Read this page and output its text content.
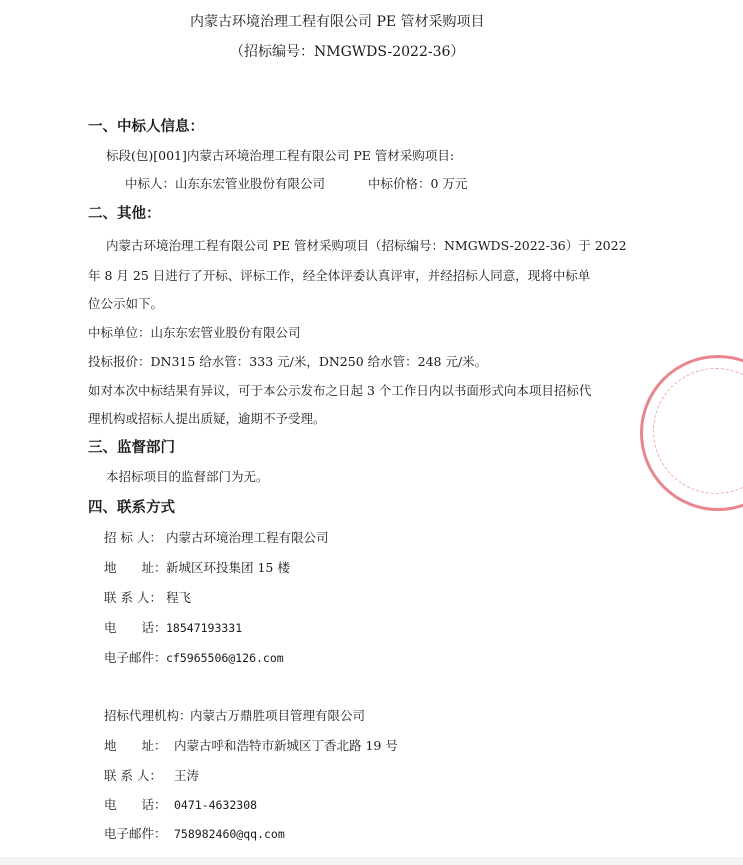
内蒙古环境治理工程有限公司 PE 管材采购项目
（招标编号：NMGWDS-2022-36）
一、中标人信息：
标段(包)[001]内蒙古环境治理工程有限公司 PE 管材采购项目:
中标人：山东东宏管业股份有限公司	中标价格：0 万元
二、其他：
内蒙古环境治理工程有限公司 PE 管材采购项目（招标编号：NMGWDS-2022-36）于 2022
年 8 月 25 日进行了开标、评标工作，经全体评委认真评审，并经招标人同意，现将中标单
位公示如下。
中标单位：山东东宏管业股份有限公司
投标报价：DN315 给水管：333 元/米，DN250 给水管：248 元/米。
如对本次中标结果有异议，可于本公示发布之日起 3 个工作日内以书面形式向本项目招标代
理机构或招标人提出质疑，逾期不予受理。
三、监督部门
本招标项目的监督部门为无。
四、联系方式
招 标 人： 内蒙古环境治理工程有限公司
地　　址： 新城区环投集团 15 楼
联 系 人： 程飞
电　　话： 18547193331
电子邮件： cf5965506@126.com
招标代理机构：
内蒙古万鼎胜项目管理有限公司
地　　址： 内蒙古呼和浩特市新城区丁香北路 19 号
联 系 人： 王涛
电　　话： 0471-4632308
电子邮件： 758982460@qq.com
